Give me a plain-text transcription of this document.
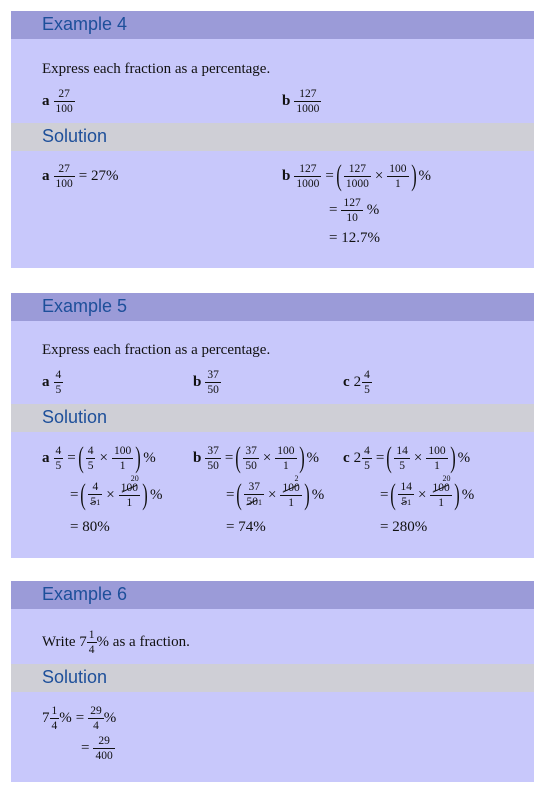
Example 4
Express each fraction as a percentage.
a 27
100	b 127
1000
Solution
a $\frac{27}{100} = 27\%$	b $\frac{127}{1000}$ = ( $\frac{127}{1000} \times \frac{100}{1}$ ) %
= $\frac{127}{10}$ %
= 12.7%
Example 5
Express each fraction as a percentage.
a 4
5	b 37
50	c 2 4
5
Solution
a $\frac{4}{5}$ = ( $\frac{4}{5} \times \frac{100}{1}$ ) %
= ( $\frac{4}{51}$ ×
20
100
1 ) %
= 80%
b $\frac{37}{50}$ = ( $\frac{37}{50} \times \frac{100}{1}$ ) %
= ( $\frac{37}{501}$ ×
2
100
1 ) %
= 74%
c $2 \frac{4}{5}$ = ( $\frac{14}{5} \times \frac{100}{1}$ ) %
= ( $\frac{14}{51}$ ×
20
100
1 ) %
= 280%
Example 6
Write 7 1
4 % as a fraction.
Solution
7 1
4 % = $\frac{29}{4}$ %
= $\frac{29}{400}$
